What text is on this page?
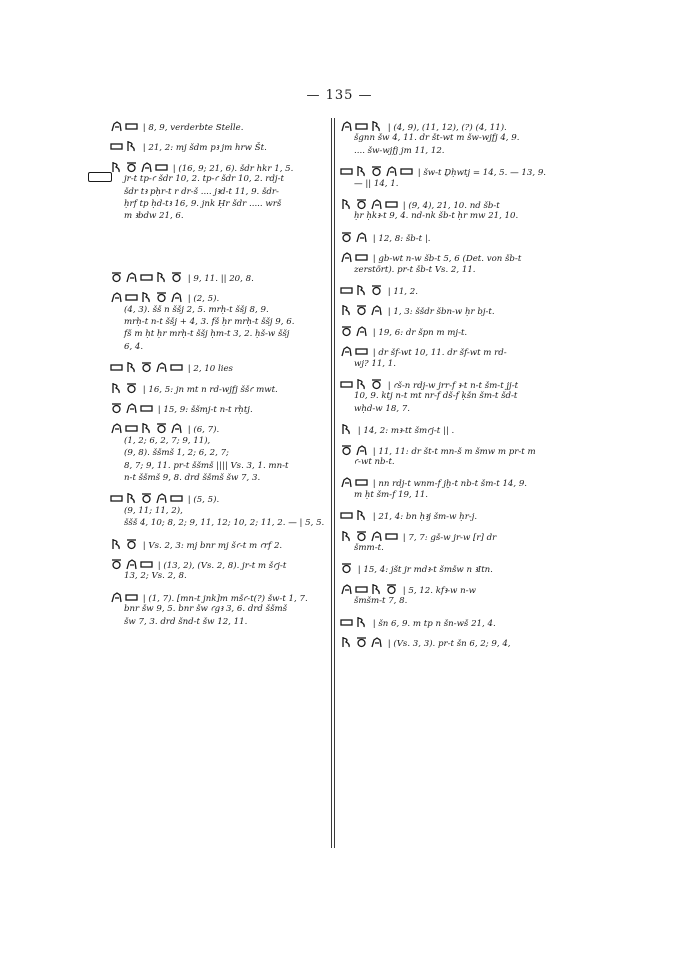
— 135 —
| 8, 9, verderbte Stelle.
| 21, 2: mj šdm pꜣ jm hrw Št.
| (16, 9; 21, 6). šdr hkr 1, 5.
jr-t tp-ꜥ šdr 10, 2. tp-ꜥ šdr 10, 2. rdj-t
šdr tꜣ pḥr-t r dr-š .... jꜣd-t 11, 9. šdr-
ḥrf tp ḥd-tꜣ 16, 9. jnk Ḥr šdr ..... wrš
m ꜣbdw 21, 6.
| 9, 11. || 20, 8.
| (2, 5).
(4, 3). šš n ššj 2, 5. mrḥ-t ššj 8, 9.
mrḥ-t n-t ššj + 4, 3. fš ḥr mrḥ-t ššj 9, 6.
fš m ḥt ḥr mrḥ-t ššj ḥm-t 3, 2. ḥš-w ššj
6, 4.
| 2, 10 lies
| 16, 5: jn mt n rd-wjfj ššꜥ mwt.
| 15, 9: ššmj-t n-t rḥtj.
| (6, 7).
(1, 2; 6, 2, 7; 9, 11),
(9, 8). ššmš 1, 2; 6, 2, 7;
8, 7; 9, 11. pr-t ššmš |||| Vs. 3, 1. mn-t
n-t ššmš 9, 8. drd ššmš šw 7, 3.
| (5, 5).
(9, 11; 11, 2),
ššš 4, 10; 8, 2; 9, 11, 12; 10, 2; 11, 2. — | 5, 5.
| Vs. 2, 3: mj bnr mj šꜥ-t m ꜥrf 2.
| (13, 2), (Vs. 2, 8). jr-t m šꜥj-t
13, 2; Vs. 2, 8.
| (1, 7). [mn-t jnk]m mšꜥ-t(?) šw-t 1, 7.
bnr šw 9, 5. bnr šw ꜥgꜣ 3, 6. drd ššmš
šw 7, 3. drd šnd-t šw 12, 11.
| (4, 9), (11, 12), (?) (4, 11).
šgnn šw 4, 11. dr št-wt m šw-wjfj 4, 9.
.... šw-wjfj jm 11, 12.
| šw-t Ḏḥwtj = 14, 5. — 13, 9.
— || 14, 1.
| (9, 4), 21, 10. nd šb-t
ḥr ḥkꜣ-t 9, 4. nd-nk šb-t ḥr mw 21, 10.
| 12, 8: šb-t |.
| gb-wt n-w šb-t 5, 6 (Det. von šb-t
zerstört). pr-t šb-t Vs. 2, 11.
| 11, 2.
| 1, 3: ššdr šbn-w ḥr bj-t.
| 19, 6: dr špn m mj-t.
| dr šf-wt 10, 11. dr šf-wt m rd-
wj? 11, 1.
| ꜥš-n rdj-w jrr-f ꜣ-t n-t šm-t jj-t
10, 9. ktj n-t mt nr-f dš-f ḳšn šm-t šd-t
wḥd-w 18, 7.
| 14, 2: mꜣ-tt šmꜥj-t || .
| 11, 11: dr št-t mn-š m šmw m pr-t m
ꜥ-wt nb-t.
| nn rdj-t wnm-f jḫ-t nb-t šm-t 14, 9.
m ḥt šm-f 19, 11.
| 21, 4: bn ḥꜣj šm-w ḥr-j.
| 7, 7: gš-w jr-w [r] dr
šmm-t.
| 15, 4: jšt jr mdꜣ-t šmšw n ꜣItn.
| 5, 12. kfꜣ-w n-w
šmšm-t 7, 8.
| šn 6, 9. m tp n šn-wš 21, 4.
| (Vs. 3, 3). pr-t šn 6, 2; 9, 4,
